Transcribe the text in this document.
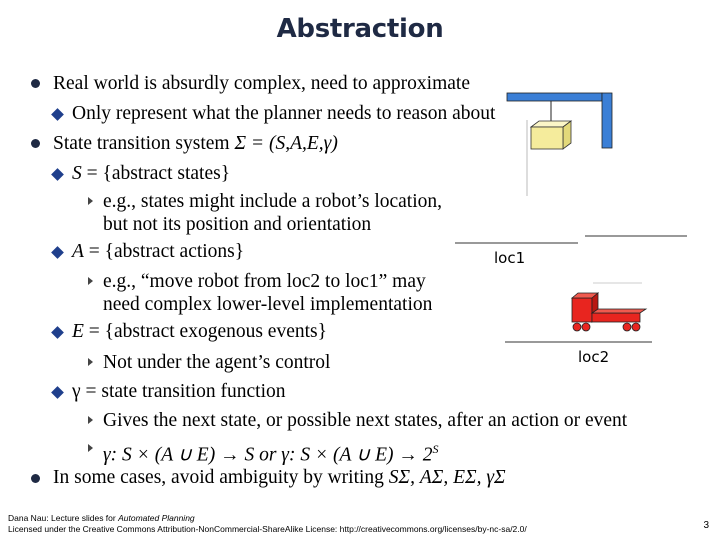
Abstraction
Real world is absurdly complex, need to approximate
Only represent what the planner needs to reason about
State transition system Σ = (S,A,E,γ)
S = {abstract states}
e.g., states might include a robot’s location,
but not its position and orientation
A = {abstract actions}
e.g., “move robot from loc2 to loc1” may
need complex lower-level implementation
E = {abstract exogenous events}
Not under the agent’s control
γ = state transition function
Gives the next state, or possible next states, after an action or event
γ: S × (A ∪ E) → S or γ: S × (A ∪ $E) \to 2^S$
In some cases, avoid ambiguity by writing SΣ, AΣ, EΣ, γΣ
loc1
loc2
Dana Nau: Lecture slides for Automated Planning
Licensed under the Creative Commons Attribution-NonCommercial-ShareAlike License: http://creativecommons.org/licenses/by-nc-sa/2.0/	3
